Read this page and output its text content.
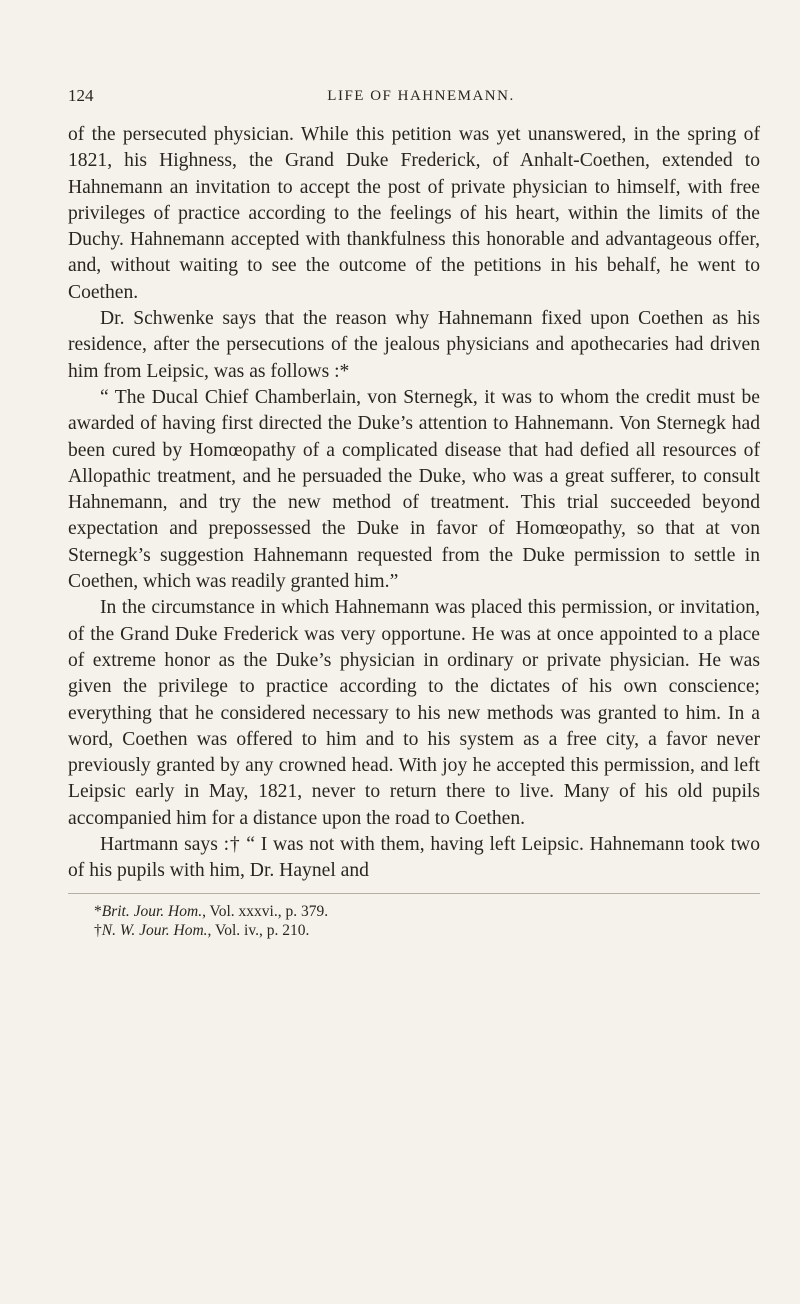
124	LIFE OF HAHNEMANN.

of the persecuted physician. While this petition was yet unanswered, in the spring of 1821, his Highness, the Grand Duke Frederick, of Anhalt-Coethen, extended to Hahnemann an invitation to accept the post of private physician to himself, with free privileges of practice according to the feelings of his heart, within the limits of the Duchy. Hahnemann accepted with thankfulness this honorable and advantageous offer, and, without waiting to see the outcome of the petitions in his behalf, he went to Coethen.

Dr. Schwenke says that the reason why Hahnemann fixed upon Coethen as his residence, after the persecutions of the jealous physicians and apothecaries had driven him from Leipsic, was as follows :*

“ The Ducal Chief Chamberlain, von Sternegk, it was to whom the credit must be awarded of having first directed the Duke’s attention to Hahnemann. Von Sternegk had been cured by Homœopathy of a complicated disease that had defied all resources of Allopathic treatment, and he persuaded the Duke, who was a great sufferer, to consult Hahnemann, and try the new method of treatment. This trial succeeded beyond expectation and prepossessed the Duke in favor of Homœopathy, so that at von Sternegk’s suggestion Hahnemann requested from the Duke permission to settle in Coethen, which was readily granted him.”

In the circumstance in which Hahnemann was placed this permission, or invitation, of the Grand Duke Frederick was very opportune. He was at once appointed to a place of extreme honor as the Duke’s physician in ordinary or private physician. He was given the privilege to practice according to the dictates of his own conscience; everything that he considered necessary to his new methods was granted to him. In a word, Coethen was offered to him and to his system as a free city, a favor never previously granted by any crowned head. With joy he accepted this permission, and left Leipsic early in May, 1821, never to return there to live. Many of his old pupils accompanied him for a distance upon the road to Coethen.

Hartmann says :† “ I was not with them, having left Leipsic. Hahnemann took two of his pupils with him, Dr. Haynel and

*Brit. Jour. Hom., Vol. xxxvi., p. 379.

†N. W. Jour. Hom., Vol. iv., p. 210.
